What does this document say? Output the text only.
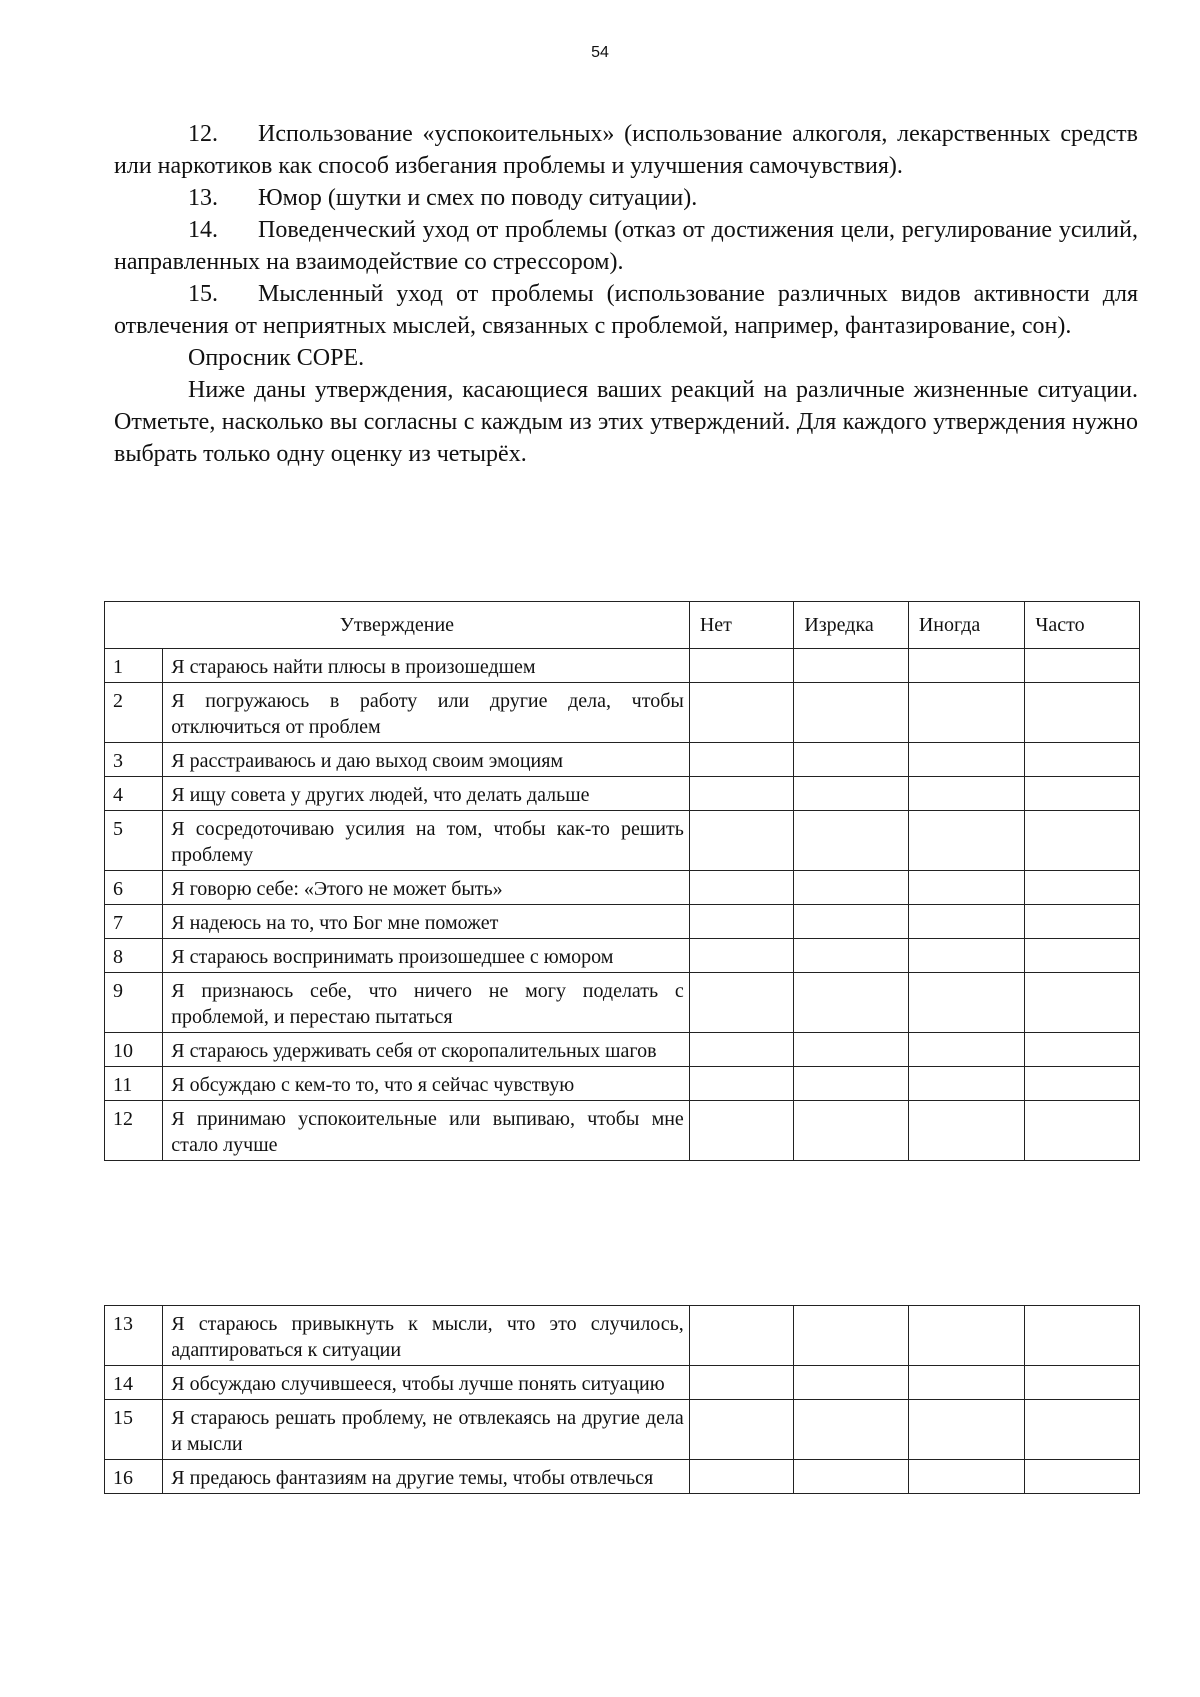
54

12. Использование «успокоительных» (использование алкоголя, лекарственных средств или наркотиков как способ избегания проблемы и улучшения самочувствия).

13. Юмор (шутки и смех по поводу ситуации).

14. Поведенческий уход от проблемы (отказ от достижения цели, регулирование усилий, направленных на взаимодействие со стрессором).

15. Мысленный уход от проблемы (использование различных видов активности для отвлечения от неприятных мыслей, связанных с проблемой, например, фантазирование, сон).

Опросник COPE.

Ниже даны утверждения, касающиеся ваших реакций на различные жизненные ситуации. Отметьте, насколько вы согласны с каждым из этих утверждений. Для каждого утверждения нужно выбрать только одну оценку из четырёх.

Утверждение		Нет	Изредка	Иногда	Часто
1	Я стараюсь найти плюсы в произошедшем				
2	Я погружаюсь в работу или другие дела, чтобы отключиться от проблем				
3	Я расстраиваюсь и даю выход своим эмоциям				
4	Я ищу совета у других людей, что делать дальше				
5	Я сосредоточиваю усилия на том, чтобы как-то решить проблему				
6	Я говорю себе: «Этого не может быть»				
7	Я надеюсь на то, что Бог мне поможет				
8	Я стараюсь воспринимать произошедшее с юмором				
9	Я признаюсь себе, что ничего не могу поделать с проблемой, и перестаю пытаться				
10	Я стараюсь удерживать себя от скоропалительных шагов				
11	Я обсуждаю с кем-то то, что я сейчас чувствую				
12	Я принимаю успокоительные или выпиваю, чтобы мне стало лучше				
13	Я стараюсь привыкнуть к мысли, что это случилось, адаптироваться к ситуации				
14	Я обсуждаю случившееся, чтобы лучше понять ситуацию				
15	Я стараюсь решать проблему, не отвлекаясь на другие дела и мысли				
16	Я предаюсь фантазиям на другие темы, чтобы отвлечься				
